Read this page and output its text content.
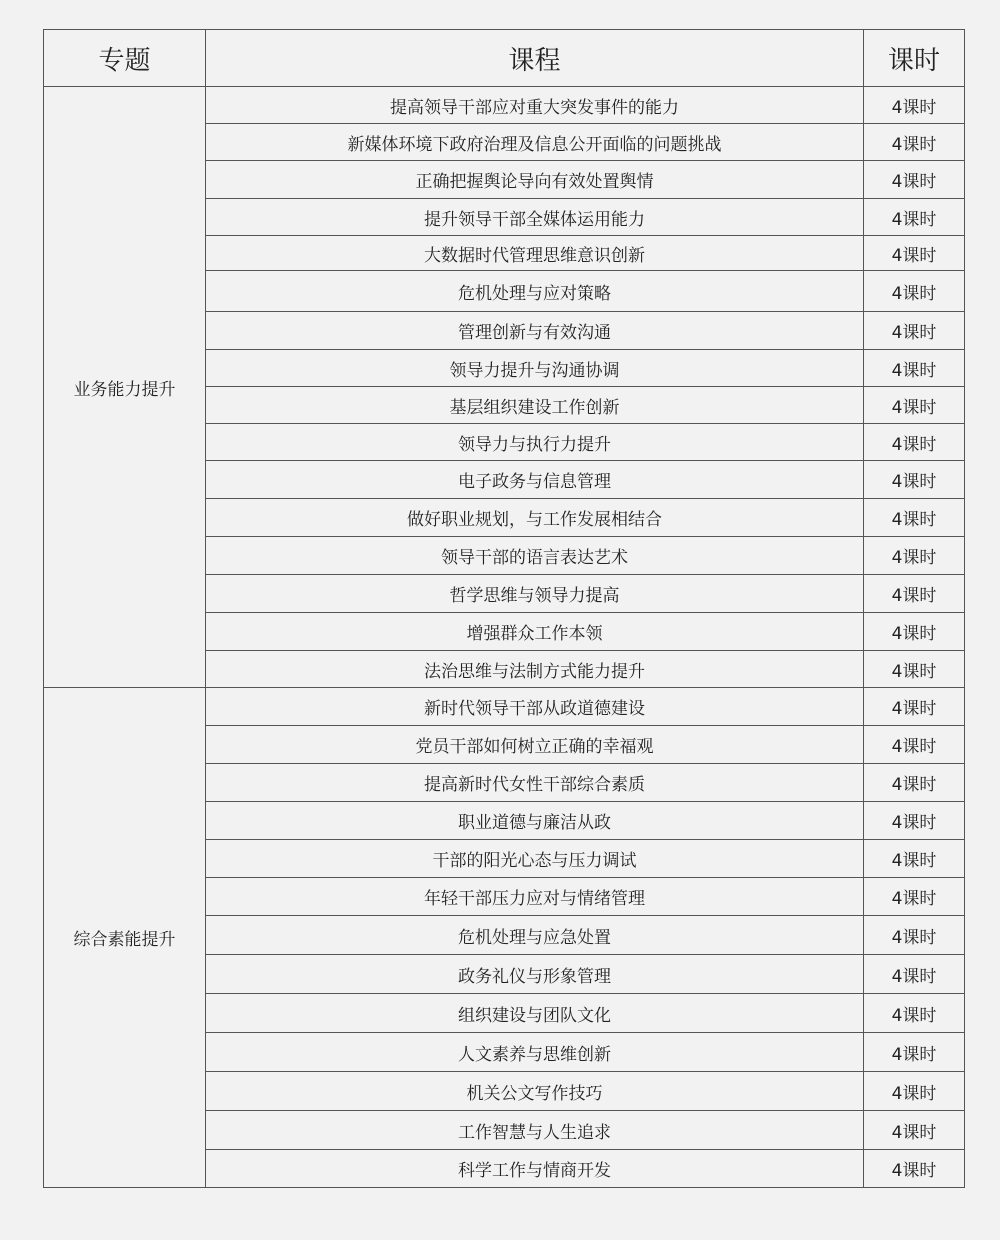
专题	课程	课时
业务能力提升	提高领导干部应对重大突发事件的能力	4课时
	新媒体环境下政府治理及信息公开面临的问题挑战	4课时
	正确把握舆论导向有效处置舆情	4课时
	提升领导干部全媒体运用能力	4课时
	大数据时代管理思维意识创新	4课时
	危机处理与应对策略	4课时
	管理创新与有效沟通	4课时
	领导力提升与沟通协调	4课时
	基层组织建设工作创新	4课时
	领导力与执行力提升	4课时
	电子政务与信息管理	4课时
	做好职业规划，与工作发展相结合	4课时
	领导干部的语言表达艺术	4课时
	哲学思维与领导力提高	4课时
	增强群众工作本领	4课时
	法治思维与法制方式能力提升	4课时
综合素能提升	新时代领导干部从政道德建设	4课时
	党员干部如何树立正确的幸福观	4课时
	提高新时代女性干部综合素质	4课时
	职业道德与廉洁从政	4课时
	干部的阳光心态与压力调试	4课时
	年轻干部压力应对与情绪管理	4课时
	危机处理与应急处置	4课时
	政务礼仪与形象管理	4课时
	组织建设与团队文化	4课时
	人文素养与思维创新	4课时
	机关公文写作技巧	4课时
	工作智慧与人生追求	4课时
	科学工作与情商开发	4课时
